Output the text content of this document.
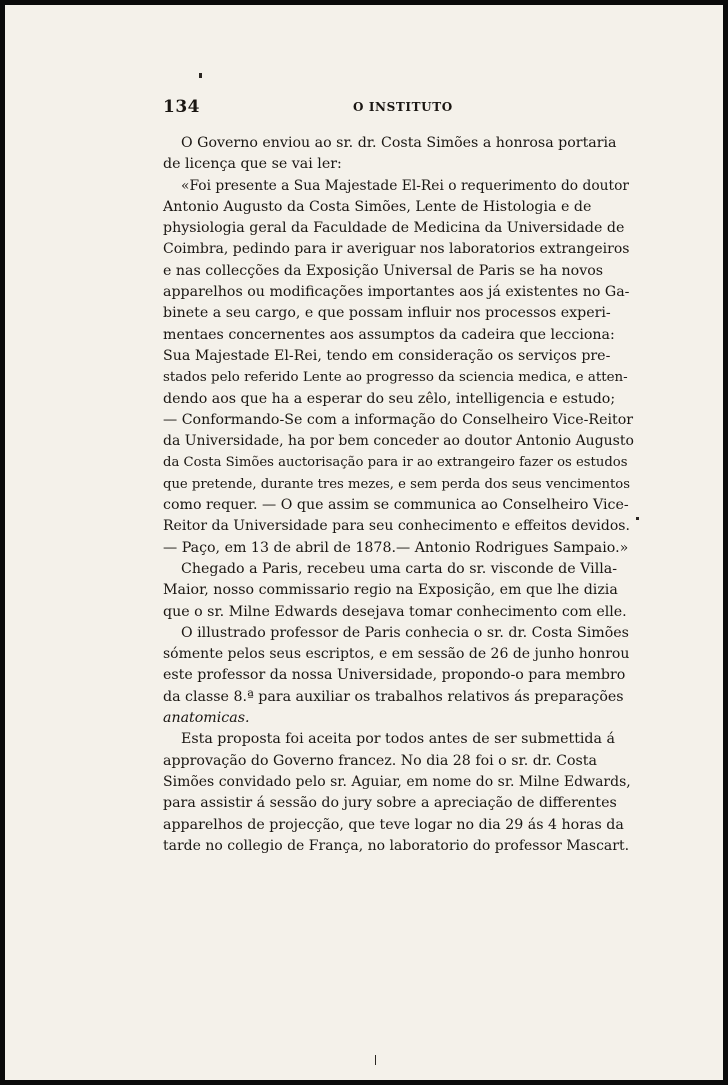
134	O INSTITUTO
O Governo enviou ao sr. dr. Costa Simões a honrosa portaria
de licença que se vai ler:
«Foi presente a Sua Majestade El-Rei o requerimento do doutor
Antonio Augusto da Costa Simões, Lente de Histologia e de
physiologia geral da Faculdade de Medicina da Universidade de
Coimbra, pedindo para ir averiguar nos laboratorios extrangeiros
e nas collecções da Exposição Universal de Paris se ha novos
apparelhos ou modificações importantes aos já existentes no Ga-
binete a seu cargo, e que possam influir nos processos experi-
mentaes concernentes aos assumptos da cadeira que lecciona:
Sua Majestade El-Rei, tendo em consideração os serviços pre-
stados pelo referido Lente ao progresso da sciencia medica, e atten-
dendo aos que ha a esperar do seu zêlo, intelligencia e estudo;
— Conformando-Se com a informação do Conselheiro Vice-Reitor
da Universidade, ha por bem conceder ao doutor Antonio Augusto
da Costa Simões auctorisação para ir ao extrangeiro fazer os estudos
que pretende, durante tres mezes, e sem perda dos seus vencimentos
como requer. — O que assim se communica ao Conselheiro Vice-
Reitor da Universidade para seu conhecimento e effeitos devidos.
— Paço, em 13 de abril de 1878.— Antonio Rodrigues Sampaio.»
Chegado a Paris, recebeu uma carta do sr. visconde de Villa-
Maior, nosso commissario regio na Exposição, em que lhe dizia
que o sr. Milne Edwards desejava tomar conhecimento com elle.
O illustrado professor de Paris conhecia o sr. dr. Costa Simões
sómente pelos seus escriptos, e em sessão de 26 de junho honrou
este professor da nossa Universidade, propondo-o para membro
da classe 8.ª para auxiliar os trabalhos relativos ás preparações
anatomicas.
Esta proposta foi aceita por todos antes de ser submettida á
approvação do Governo francez. No dia 28 foi o sr. dr. Costa
Simões convidado pelo sr. Aguiar, em nome do sr. Milne Edwards,
para assistir á sessão do jury sobre a apreciação de differentes
apparelhos de projecção, que teve logar no dia 29 ás 4 horas da
tarde no collegio de França, no laboratorio do professor Mascart.
